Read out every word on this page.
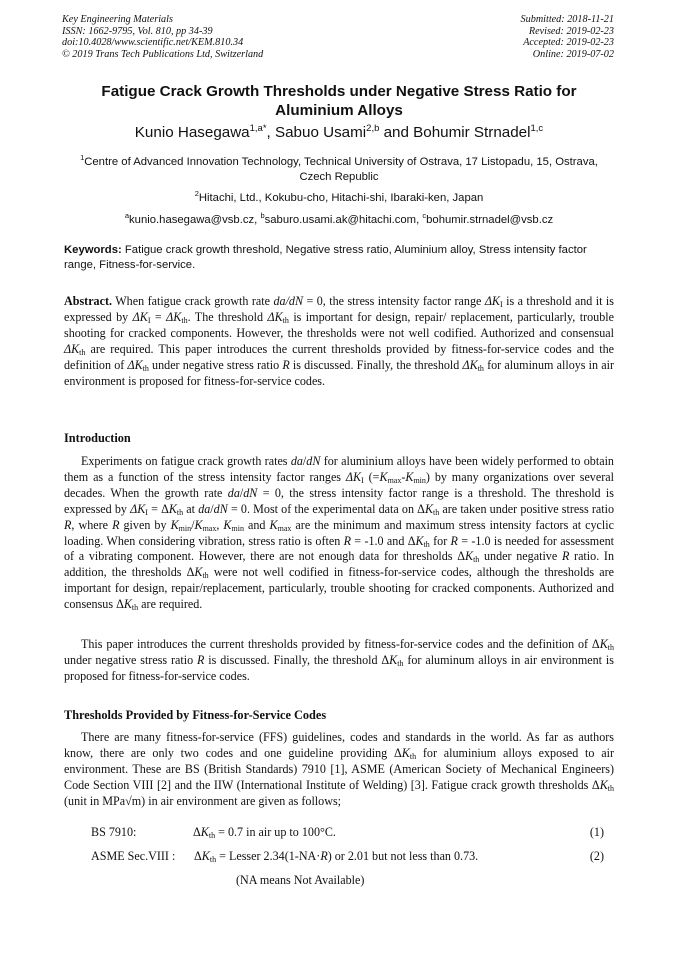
Key Engineering Materials
ISSN: 1662-9795, Vol. 810, pp 34-39
doi:10.4028/www.scientific.net/KEM.810.34
© 2019 Trans Tech Publications Ltd, Switzerland
Submitted: 2018-11-21
Revised: 2019-02-23
Accepted: 2019-02-23
Online: 2019-07-02
Fatigue Crack Growth Thresholds under Negative Stress Ratio for Aluminium Alloys
Kunio Hasegawa$^{1,a*}$, Sabuo Usami$^{2,b}$ and Bohumir Strnadel$^{1,c}$
$^1$Centre of Advanced Innovation Technology, Technical University of Ostrava, 17 Listopadu, 15, Ostrava, Czech Republic
$^2$Hitachi, Ltd., Kokubu-cho, Hitachi-shi, Ibaraki-ken, Japan
$^a$kunio.hasegawa@vsb.cz, $^b$saburo.usami.ak@hitachi.com, $^c$bohumir.strnadel@vsb.cz
Keywords: Fatigue crack growth threshold, Negative stress ratio, Aluminium alloy, Stress intensity factor range, Fitness-for-service.
Abstract. When fatigue crack growth rate da/dN = 0, the stress intensity factor range $\Delta K_I$ is a threshold and it is expressed by $\Delta K_I = \Delta K_{th}$. The threshold $\Delta K_{th}$ is important for design, repair/ replacement, particularly, trouble shooting for cracked components. However, the thresholds were not well codified. Authorized and consensual $\Delta K_{th}$ are required. This paper introduces the current thresholds provided by fitness-for-service codes and the definition of $\Delta K_{th}$ under negative stress ratio R is discussed. Finally, the threshold $\Delta K_{th}$ for aluminum alloys in air environment is proposed for fitness-for-service codes.
Introduction
Experiments on fatigue crack growth rates da/dN for aluminium alloys have been widely performed to obtain them as a function of the stress intensity factor ranges $\Delta K_I$ $(=K_{max}-K_{min})$ by many organizations over several decades. When the growth rate da/dN = 0, the stress intensity factor range is a threshold. The threshold is expressed by $\Delta K_I = \Delta K_{th}$ at da/dN = 0. Most of the experimental data on $\Delta K_{th}$ are taken under positive stress ratio R, where R given by $K_{min}/K_{max}$, $K_{min}$ and $K_{max}$ are the minimum and maximum stress intensity factors at cyclic loading. When considering vibration, stress ratio is often R = -1.0 and $\Delta K_{th}$ for R = -1.0 is needed for assessment of a vibrating component. However, there are not enough data for thresholds $\Delta K_{th}$ under negative R ratio. In addition, the thresholds $\Delta K_{th}$ were not well codified in fitness-for-service codes, although the thresholds are important for design, repair/replacement, particularly, trouble shooting for cracked components. Authorized and consensus $\Delta K_{th}$ are required.
This paper introduces the current thresholds provided by fitness-for-service codes and the definition of $\Delta K_{th}$ under negative stress ratio R is discussed. Finally, the threshold $\Delta K_{th}$ for aluminum alloys in air environment is proposed for fitness-for-service codes.
Thresholds Provided by Fitness-for-Service Codes
There are many fitness-for-service (FFS) guidelines, codes and standards in the world. As far as authors know, there are only two codes and one guideline providing $\Delta K_{th}$ for aluminium alloys exposed to air environment. These are BS (British Standards) 7910 [1], ASME (American Society of Mechanical Engineers) Code Section VIII [2] and the IIW (International Institute of Welding) [3]. Fatigue crack growth thresholds $\Delta K_{th}$ (unit in MPa√m) in air environment are given as follows;
BS 7910:	$\Delta K_{th} = 0.7$ in air up to 100°C.	(1)
ASME Sec.VIII : $\Delta K_{th}$ = Lesser 2.34(1-NA·R) or 2.01 but not less than 0.73.	(2)
(NA means Not Available)
